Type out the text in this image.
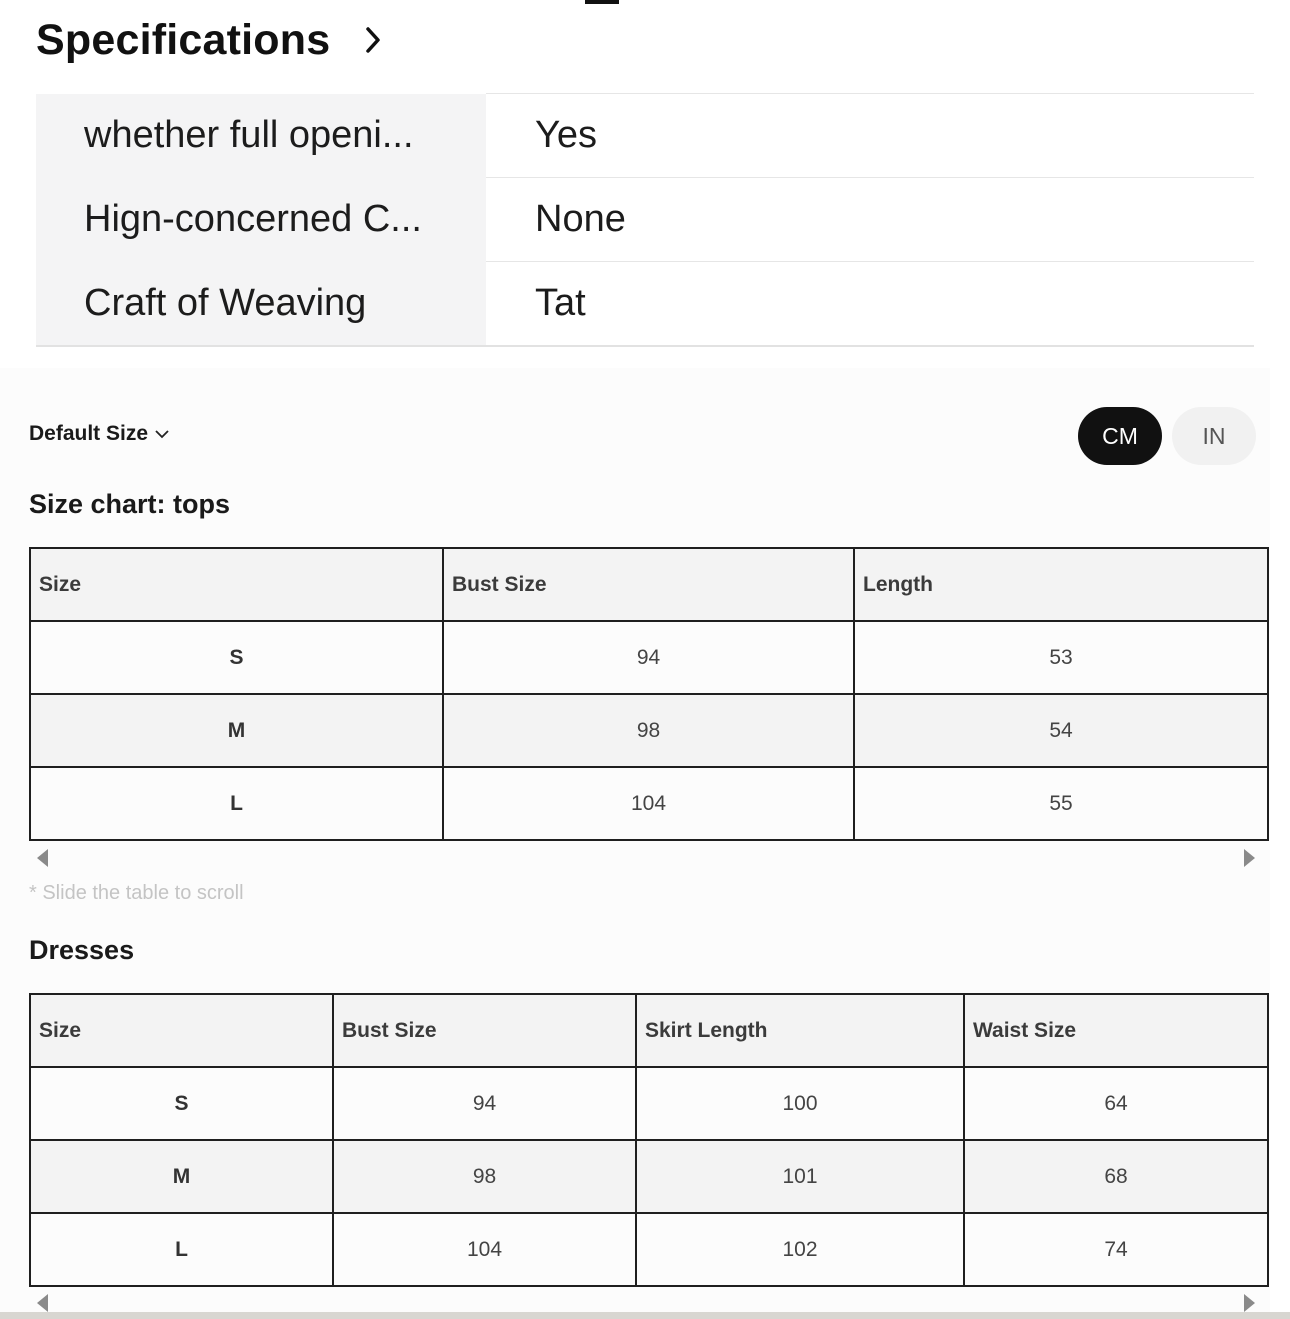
Specifications
whether full openi...	Yes
Hign-concerned C...	None
Craft of Weaving	Tat
Default Size	CM	IN
Size chart: tops
Size	Bust Size	Length
S	94	53
M	98	54
L	104	55
* Slide the table to scroll
Dresses
Size	Bust Size	Skirt Length	Waist Size
S	94	100	64
M	98	101	68
L	104	102	74
